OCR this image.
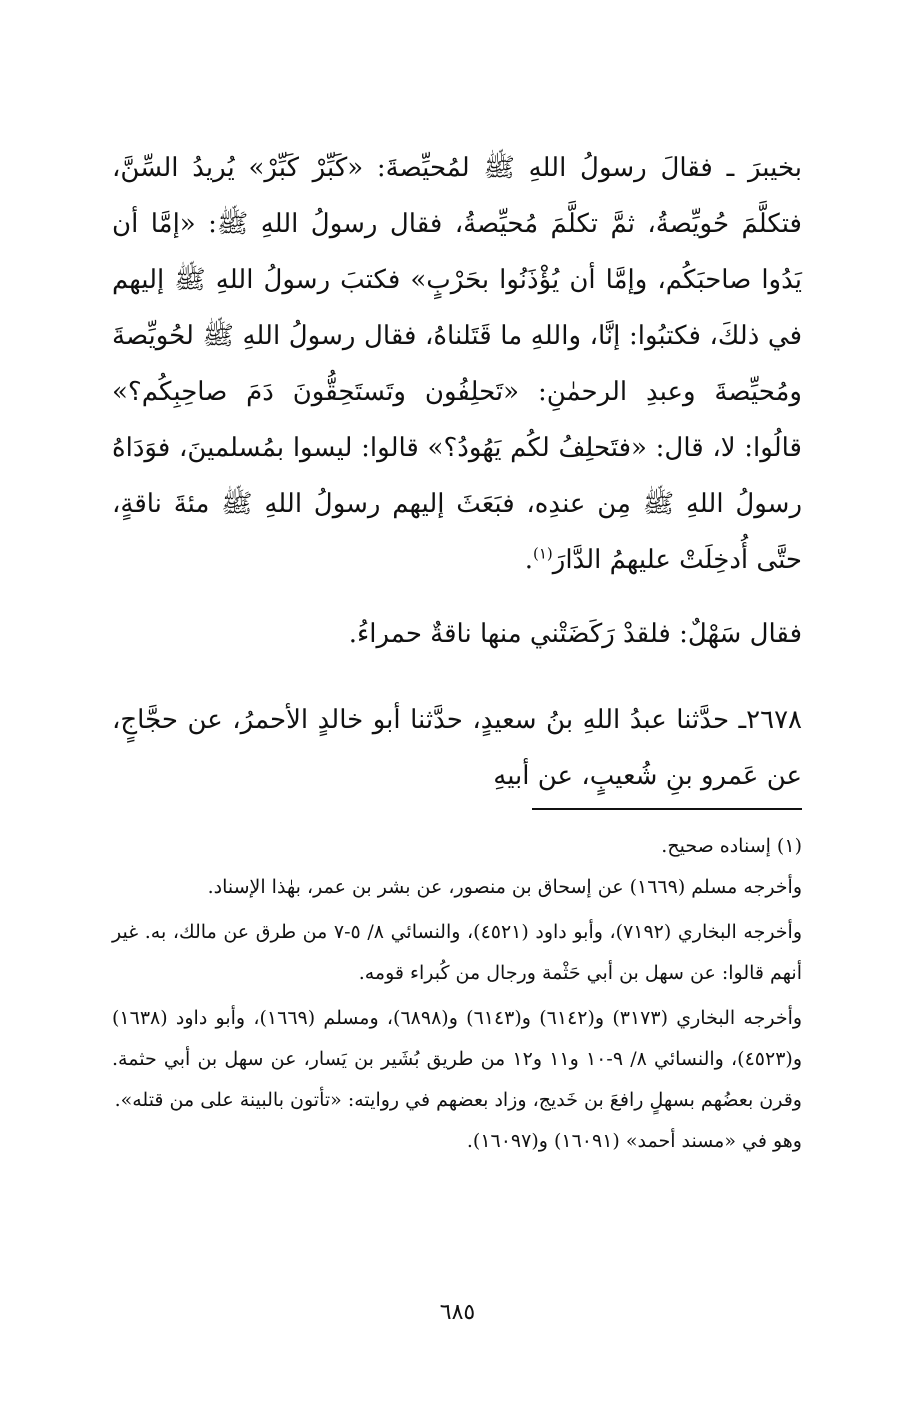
بخيبرَ ـ فقالَ رسولُ اللهِ ﷺ لمُحيِّصةَ: «كَبِّرْ كَبِّرْ» يُريدُ السِّنَّ، فتكلَّمَ حُويِّصةُ، ثمَّ تكلَّمَ مُحيِّصةُ، فقال رسولُ اللهِ ﷺ: «إمَّا أن يَدُوا صاحبَكُم، وإمَّا أن يُؤْذَنُوا بحَرْبٍ» فكتبَ رسولُ اللهِ ﷺ إليهم في ذلكَ، فكتبُوا: إنَّا، واللهِ ما قَتَلناهُ، فقال رسولُ اللهِ ﷺ لحُويِّصةَ ومُحيِّصةَ وعبدِ الرحمٰنِ: «تَحلِفُون وتَستَحِقُّونَ دَمَ صاحِبِكُم؟» قالُوا: لا، قال: «فتَحلِفُ لكُم يَهُودُ؟» قالوا: ليسوا بمُسلمينَ، فوَدَاهُ رسولُ اللهِ ﷺ مِن عندِه، فبَعَثَ إليهم رسولُ اللهِ ﷺ مئةَ ناقةٍ، حتَّى أُدخِلَتْ عليهمُ الدَّارَ$^{(١)}$.

فقال سَهْلٌ: فلقدْ رَكَضَتْني منها ناقةٌ حمراءُ.

٢٦٧٨ـ حدَّثنا عبدُ اللهِ بنُ سعيدٍ، حدَّثنا أبو خالدٍ الأحمرُ، عن حجَّاجٍ، عن عَمرو بنِ شُعيبٍ، عن أبيهِ

(١) إسناده صحيح.

وأخرجه مسلم (١٦٦٩) عن إسحاق بن منصور، عن بشر بن عمر، بهٰذا الإسناد.

وأخرجه البخاري (٧١٩٢)، وأبو داود (٤٥٢١)، والنسائي ٨/ ٥-٧ من طرق عن مالك، به. غير أنهم قالوا: عن سهل بن أبي حَثْمة ورجال من كُبراء قومه.

وأخرجه البخاري (٣١٧٣) و(٦١٤٢) و(٦١٤٣) و(٦٨٩٨)، ومسلم (١٦٦٩)، وأبو داود (١٦٣٨) و(٤٥٢٣)، والنسائي ٨/ ٩-١٠ و١١ و١٢ من طريق بُشَير بن يَسار، عن سهل بن أبي حثمة. وقرن بعضُهم بسهلٍ رافعَ بن خَديج، وزاد بعضهم في روايته: «تأتون بالبينة على من قتله».

وهو في «مسند أحمد» (١٦٠٩١) و(١٦٠٩٧).

٦٨٥
